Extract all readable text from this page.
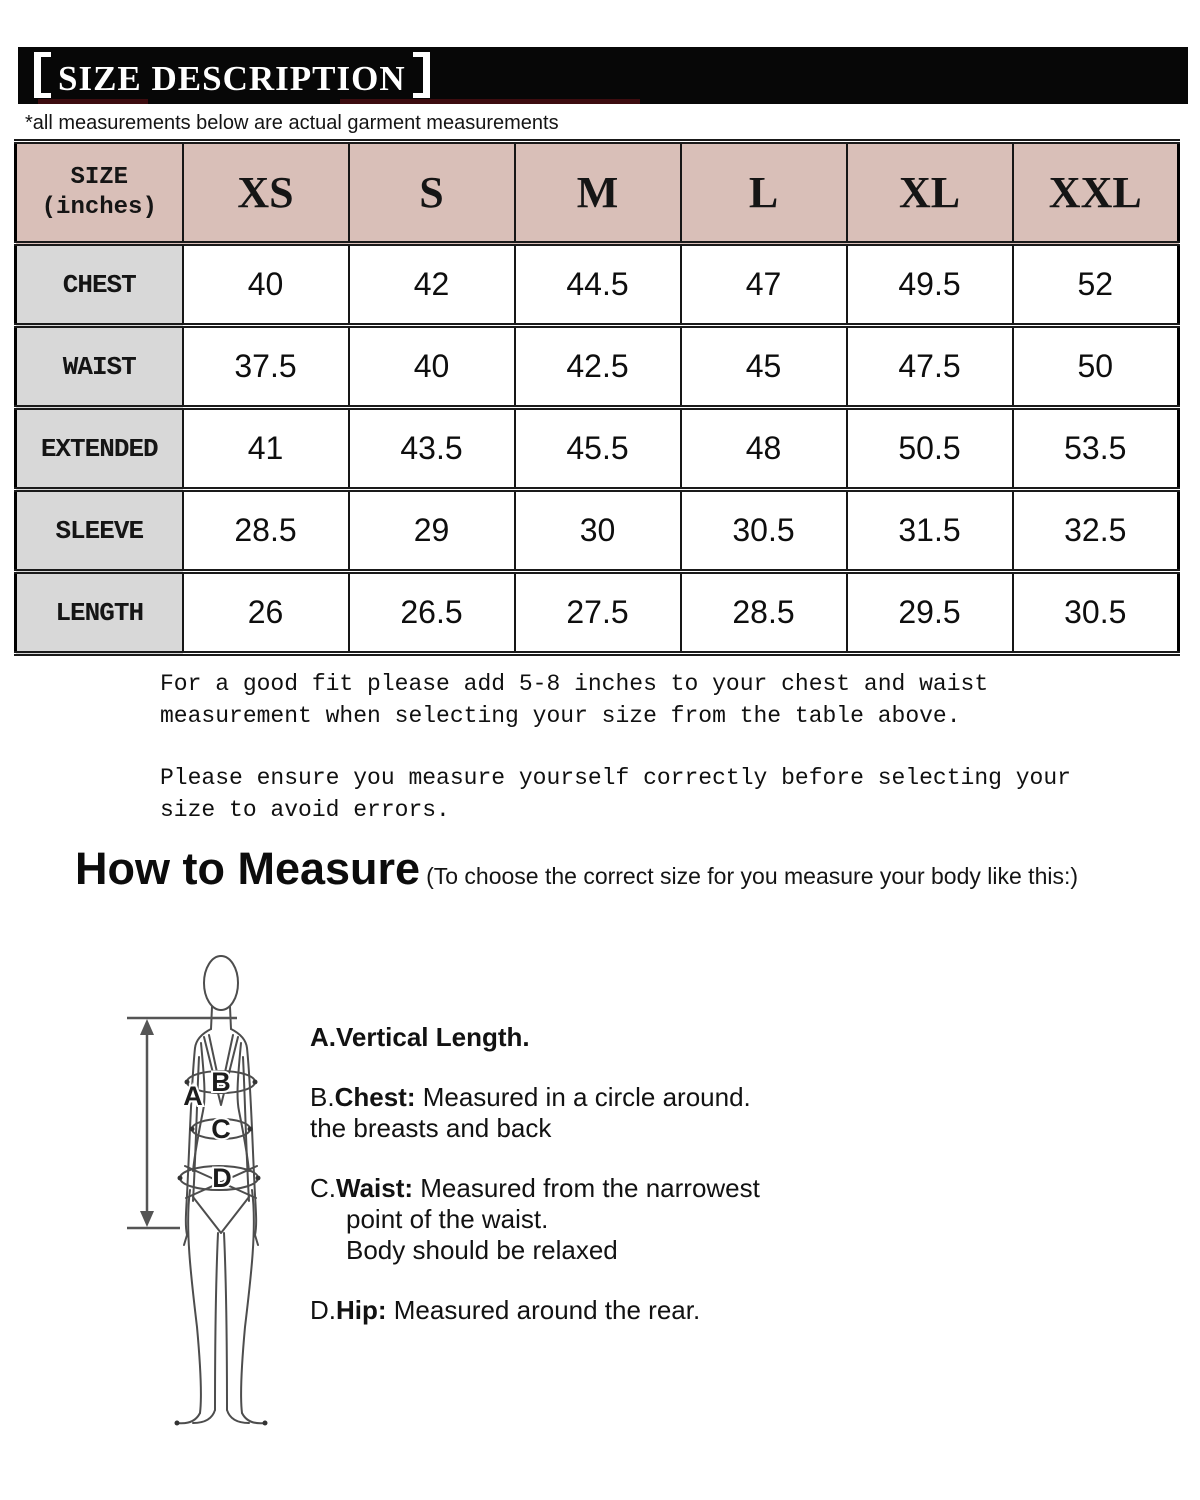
SIZE DESCRIPTION
*all measurements below are actual garment measurements
SIZE
(inches)	XS	S	M	L	XL	XXL
CHEST	40	42	44.5	47	49.5	52
WAIST	37.5	40	42.5	45	47.5	50
EXTENDED	41	43.5	45.5	48	50.5	53.5
SLEEVE	28.5	29	30	30.5	31.5	32.5
LENGTH	26	26.5	27.5	28.5	29.5	30.5
For a good fit please add 5-8 inches to your chest and waist
measurement when selecting your size from the table above.
Please ensure you measure yourself correctly before selecting your
size to avoid errors.
How to Measure (To choose the correct size for you measure your body like this:)
A B
C
D
A.Vertical Length.
B.Chest: Measured in a circle around.
the breasts and back
C.Waist: Measured from the narrowest
point of the waist.
Body should be relaxed
D.Hip: Measured around the rear.
